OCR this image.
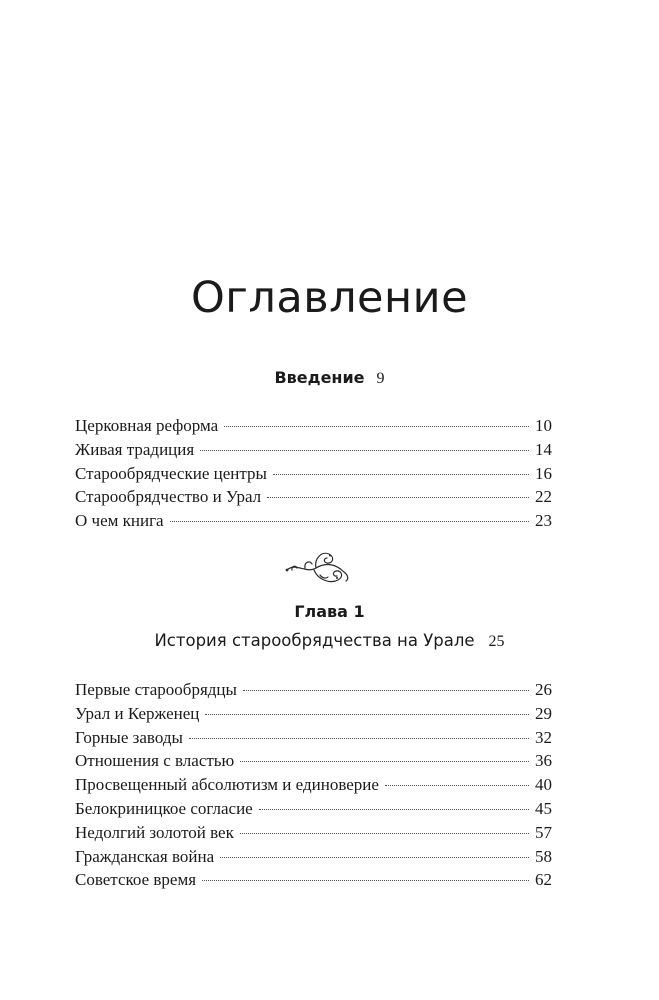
Оглавление
Введение 9
Церковная реформа	10
Живая традиция	14
Старообрядческие центры	16
Старообрядчество и Урал	22
О чем книга	23
Глава 1
История старообрядчества на Урале 25
Первые старообрядцы	26
Урал и Керженец	29
Горные заводы	32
Отношения с властью	36
Просвещенный абсолютизм и единоверие	40
Белокриницкое согласие	45
Недолгий золотой век	57
Гражданская война	58
Советское время	62
